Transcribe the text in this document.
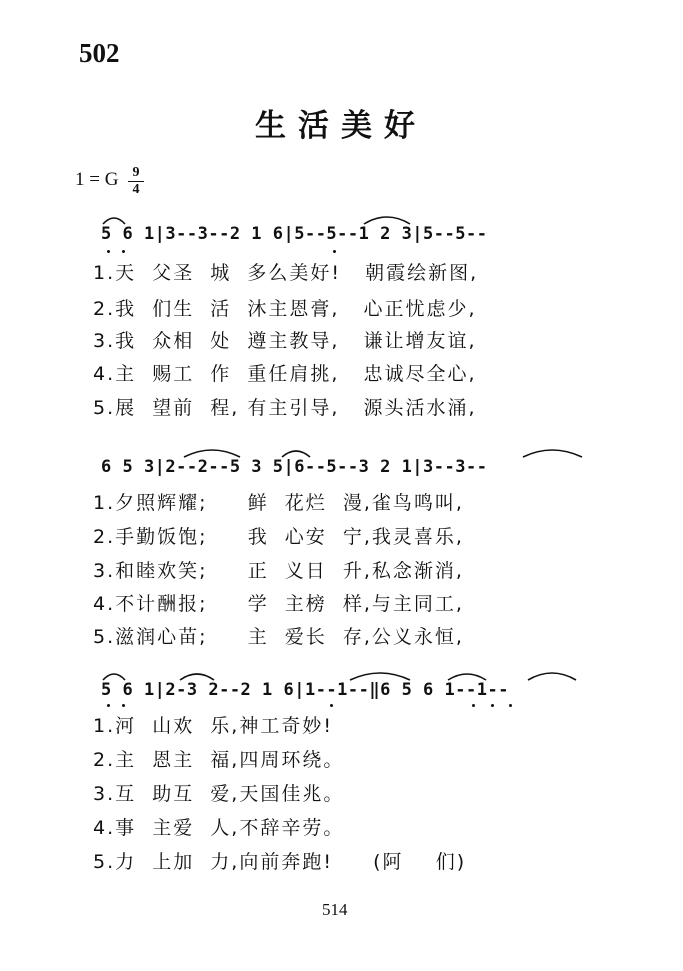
502
生活美好
1 = G $\frac{9}{4}$
5 6 1|3--3--2 1 6|5--5--1 2 3|5--5--
1.天  父圣  城  多么美好!   朝霞绘新图,
2.我  们生  活  沐主恩膏,   心正忧虑少,
3.我  众相  处  遵主教导,   谦让增友谊,
4.主  赐工  作  重任肩挑,   忠诚尽全心,
5.展  望前  程, 有主引导,   源头活水涌,
6 5 3|2--2--5 3 5|6--5--3 2 1|3--3--
1.夕照辉耀;     鲜  花烂  漫,雀鸟鸣叫,
2.手勤饭饱;     我  心安  宁,我灵喜乐,
3.和睦欢笑;     正  义日  升,私念渐消,
4.不计酬报;     学  主榜  样,与主同工,
5.滋润心苗;     主  爱长  存,公义永恒,
5 6 1|2-3 2--2 1 6|1--1--‖6 5 6 1--1--
1.河  山欢  乐,神工奇妙!
2.主  恩主  福,四周环绕。
3.互  助互  爱,天国佳兆。
4.事  主爱  人,不辞辛劳。
5.力  上加  力,向前奔跑!     (阿    们)
514
